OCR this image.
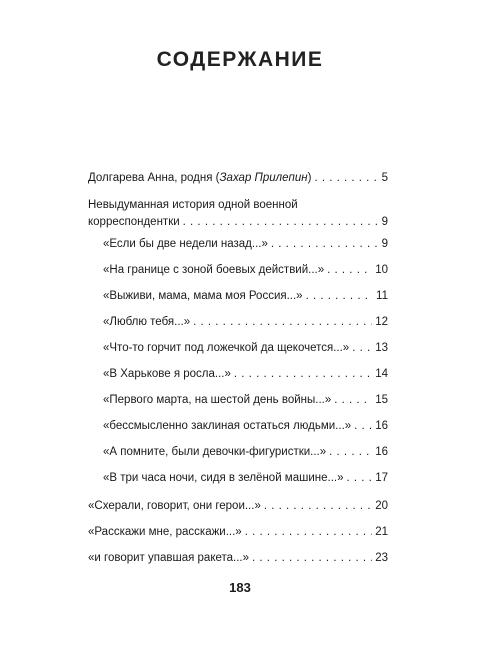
СОДЕРЖАНИЕ
Долгарева Анна, родня (Захар Прилепин) . . .	5
Невыдуманная история одной военной
корреспондентки . . .	9
«Если бы две недели назад...» . . .	9
«На границе с зоной боевых действий...» . . .	10
«Выживи, мама, мама моя Россия...» . . .	11
«Люблю тебя...» . . .	12
«Что-то горчит под ложечкой да щекочется...» . . . 13
«В Харькове я росла...» . . .	14
«Первого марта, на шестой день войны...» . . .	15
«бессмысленно заклиная остаться людьми...» . . . 16
«А помните, были девочки-фигуристки...» . . .	16
«В три часа ночи, сидя в зелёной машине...» . . .	17
«Схерали, говорит, они герои...» . . .	20
«Расскажи мне, расскажи...» . . .	21
«и говорит упавшая ракета...» . . .	23
183
